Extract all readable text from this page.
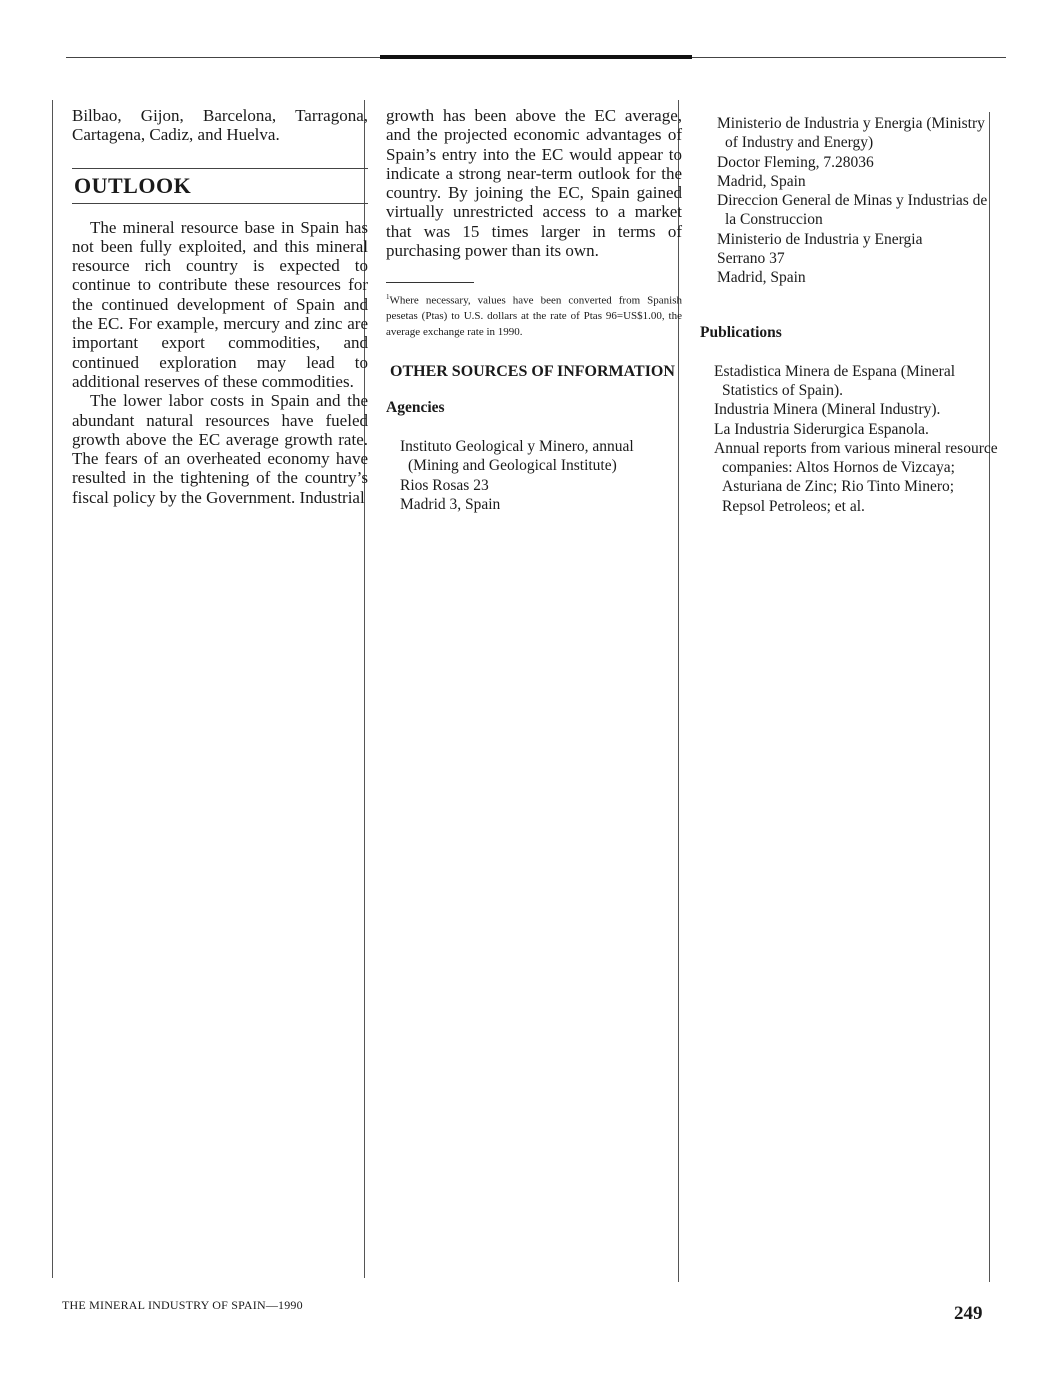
Bilbao, Gijon, Barcelona, Tarragona, Cartagena, Cadiz, and Huelva.

OUTLOOK

The mineral resource base in Spain has not been fully exploited, and this mineral resource rich country is expected to continue to contribute these resources for the continued development of Spain and the EC. For example, mercury and zinc are important export commodities, and continued exploration may lead to additional reserves of these commodities.

The lower labor costs in Spain and the abundant natural resources have fueled growth above the EC average growth rate. The fears of an overheated economy have resulted in the tightening of the country’s fiscal policy by the Government. Industrial

growth has been above the EC average, and the projected economic advantages of Spain’s entry into the EC would appear to indicate a strong near-term outlook for the country. By joining the EC, Spain gained virtually unrestricted access to a market that was 15 times larger in terms of purchasing power than its own.

$^1$Where necessary, values have been converted from Spanish pesetas (Ptas) to U.S. dollars at the rate of Ptas 96=US$1.00, the average exchange rate in 1990.

OTHER SOURCES OF INFORMATION
Agencies

Instituto Geological y Minero, annual (Mining and Geological Institute)

Rios Rosas 23

Madrid 3, Spain

Ministerio de Industria y Energia (Ministry of Industry and Energy)

Doctor Fleming, 7.28036

Madrid, Spain

Direccion General de Minas y Industrias de la Construccion

Ministerio de Industria y Energia

Serrano 37

Madrid, Spain

Publications

Estadistica Minera de Espana (Mineral Statistics of Spain).

Industria Minera (Mineral Industry).

La Industria Siderurgica Espanola.

Annual reports from various mineral resource companies: Altos Hornos de Vizcaya; Asturiana de Zinc; Rio Tinto Minero; Repsol Petroleos; et al.

THE MINERAL INDUSTRY OF SPAIN—1990	249
